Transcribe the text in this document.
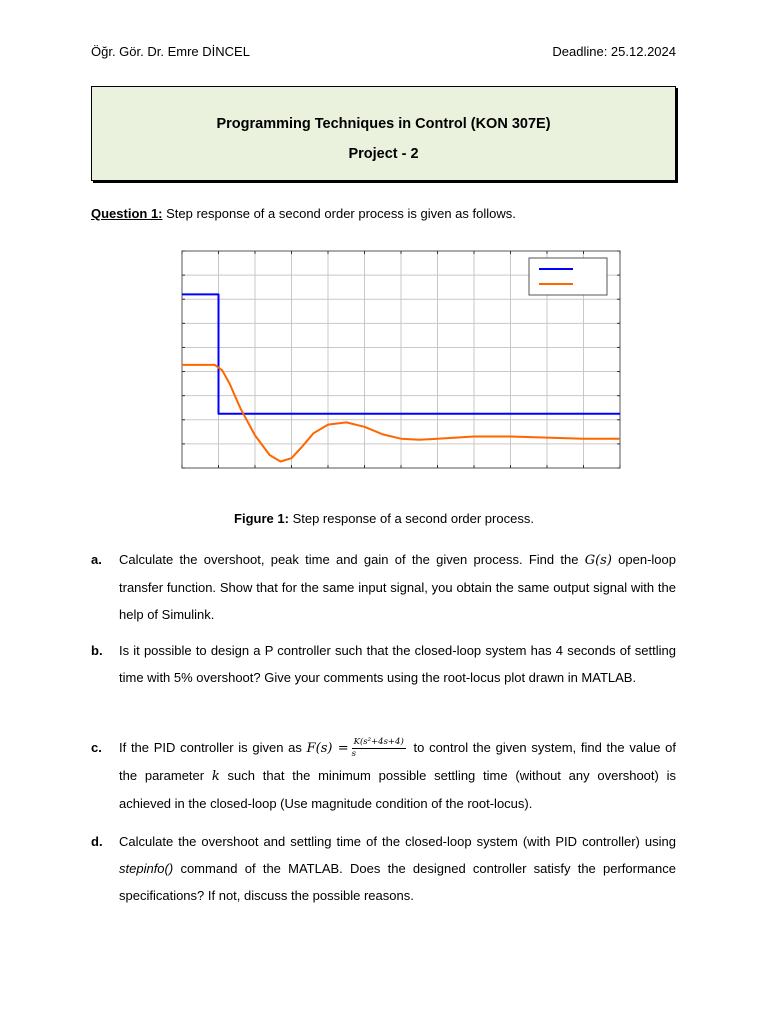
Öğr. Gör. Dr. Emre DİNCEL	Deadline: 25.12.2024
Programming Techniques in Control (KON 307E)
Project - 2
Question 1: Step response of a second order process is given as follows.
Figure 1: Step response of a second order process.
a. Calculate the overshoot, peak time and gain of the given process. Find the G(s) open-loop transfer function. Show that for the same input signal, you obtain the same output signal with the help of Simulink.
b. Is it possible to design a P controller such that the closed-loop system has 4 seconds of settling time with 5% overshoot? Give your comments using the root-locus plot drawn in MATLAB.
c. If the PID controller is given as $F(s) = \frac{\text{K(s²+4s+4)}}{s}$ to control the given system, find the value of the parameter k such that the minimum possible settling time (without any overshoot) is achieved in the closed-loop (Use magnitude condition of the root-locus).
d. Calculate the overshoot and settling time of the closed-loop system (with PID controller) using stepinfo() command of the MATLAB. Does the designed controller satisfy the performance specifications? If not, discuss the possible reasons.
